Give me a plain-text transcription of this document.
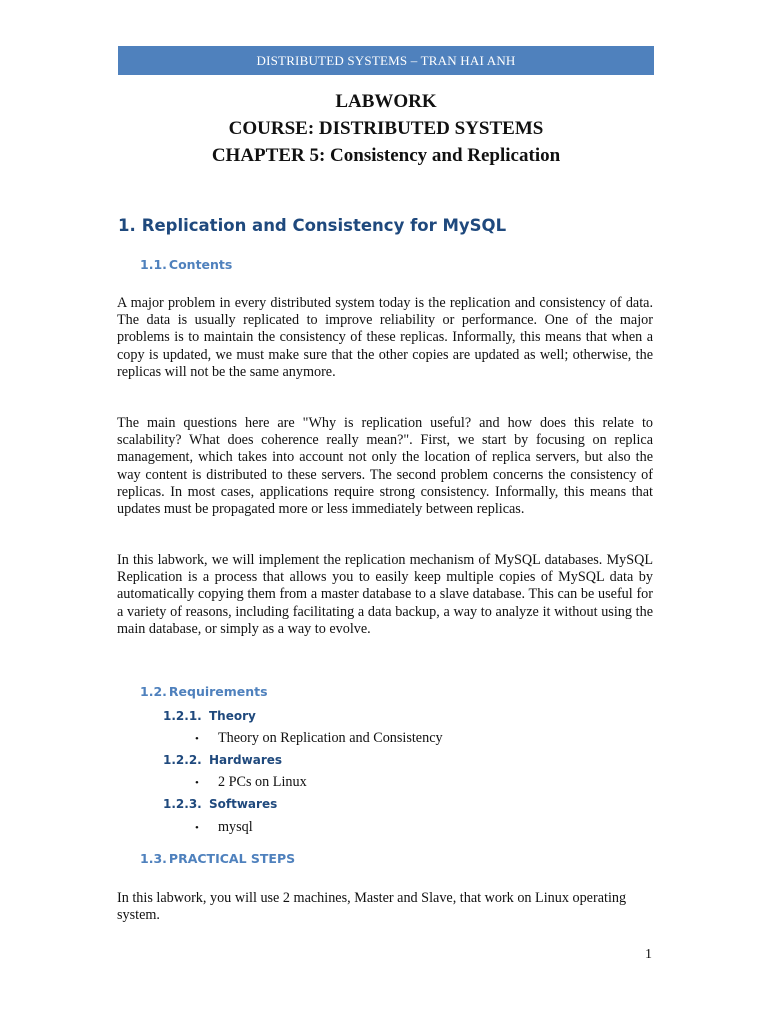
DISTRIBUTED SYSTEMS – TRAN HAI ANH
LABWORK
COURSE: DISTRIBUTED SYSTEMS
CHAPTER 5: Consistency and Replication
1. Replication and Consistency for MySQL
1.1. Contents

A major problem in every distributed system today is the replication and consistency of data. The data is usually replicated to improve reliability or performance. One of the major problems is to maintain the consistency of these replicas. Informally, this means that when a copy is updated, we must make sure that the other copies are updated as well; otherwise, the replicas will not be the same anymore.

The main questions here are "Why is replication useful? and how does this relate to scalability? What does coherence really mean?". First, we start by focusing on replica management, which takes into account not only the location of replica servers, but also the way content is distributed to these servers. The second problem concerns the consistency of replicas. In most cases, applications require strong consistency. Informally, this means that updates must be propagated more or less immediately between replicas.

In this labwork, we will implement the replication mechanism of MySQL databases. MySQL Replication is a process that allows you to easily keep multiple copies of MySQL data by automatically copying them from a master database to a slave database. This can be useful for a variety of reasons, including facilitating a data backup, a way to analyze it without using the main database, or simply as a way to evolve.

1.2. Requirements
1.2.1. Theory
• Theory on Replication and Consistency
1.2.2. Hardwares
• 2 PCs on Linux
1.2.3. Softwares
• mysql
1.3. PRACTICAL STEPS

In this labwork, you will use 2 machines, Master and Slave, that work on Linux operating system.

1
